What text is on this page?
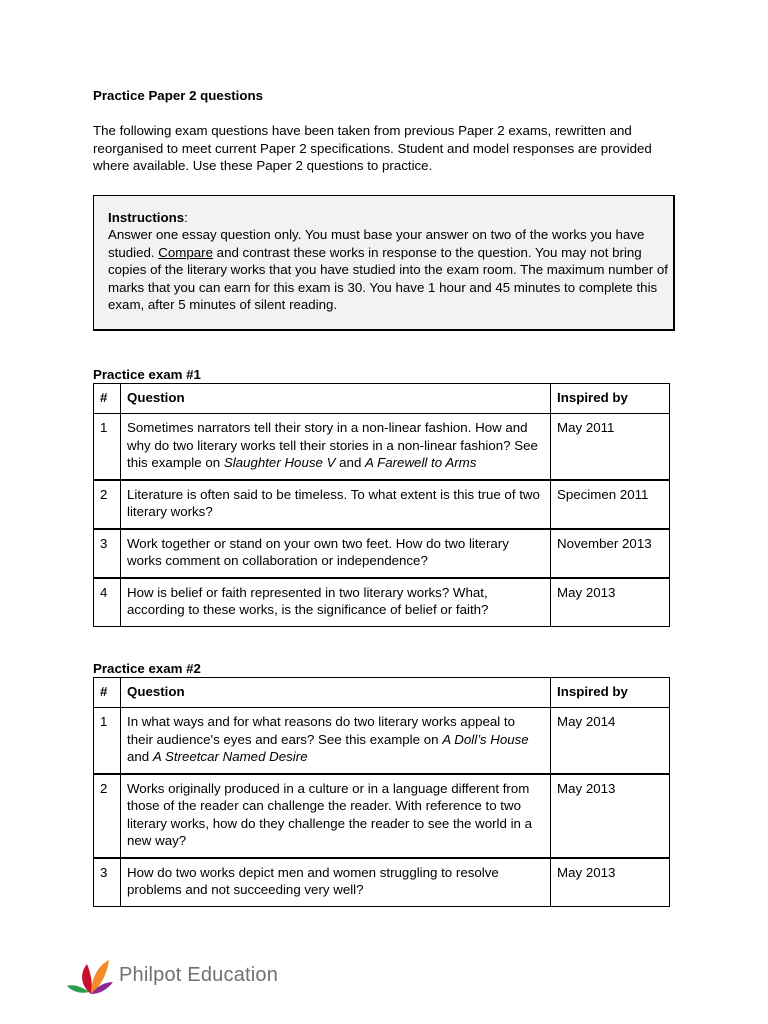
Practice Paper 2 questions

The following exam questions have been taken from previous Paper 2 exams, rewritten and reorganised to meet current Paper 2 specifications. Student and model responses are provided where available. Use these Paper 2 questions to practice.

Instructions:
Answer one essay question only. You must base your answer on two of the works you have studied. Compare and contrast these works in response to the question. You may not bring copies of the literary works that you have studied into the exam room. The maximum number of marks that you can earn for this exam is 30. You have 1 hour and 45 minutes to complete this exam, after 5 minutes of silent reading.

Practice exam #1

#	Question	Inspired by
1	Sometimes narrators tell their story in a non-linear fashion. How and why do two literary works tell their stories in a non-linear fashion? See this example on Slaughter House V and A Farewell to Arms	May 2011
2	Literature is often said to be timeless. To what extent is this true of two literary works?	Specimen 2011
3	Work together or stand on your own two feet. How do two literary works comment on collaboration or independence?	November 2013
4	How is belief or faith represented in two literary works? What, according to these works, is the significance of belief or faith?	May 2013

Practice exam #2

#	Question	Inspired by
1	In what ways and for what reasons do two literary works appeal to their audience's eyes and ears? See this example on A Doll’s House and A Streetcar Named Desire	May 2014
2	Works originally produced in a culture or in a language different from those of the reader can challenge the reader. With reference to two literary works, how do they challenge the reader to see the world in a new way?	May 2013
3	How do two works depict men and women struggling to resolve problems and not succeeding very well?	May 2013
Philpot Education
